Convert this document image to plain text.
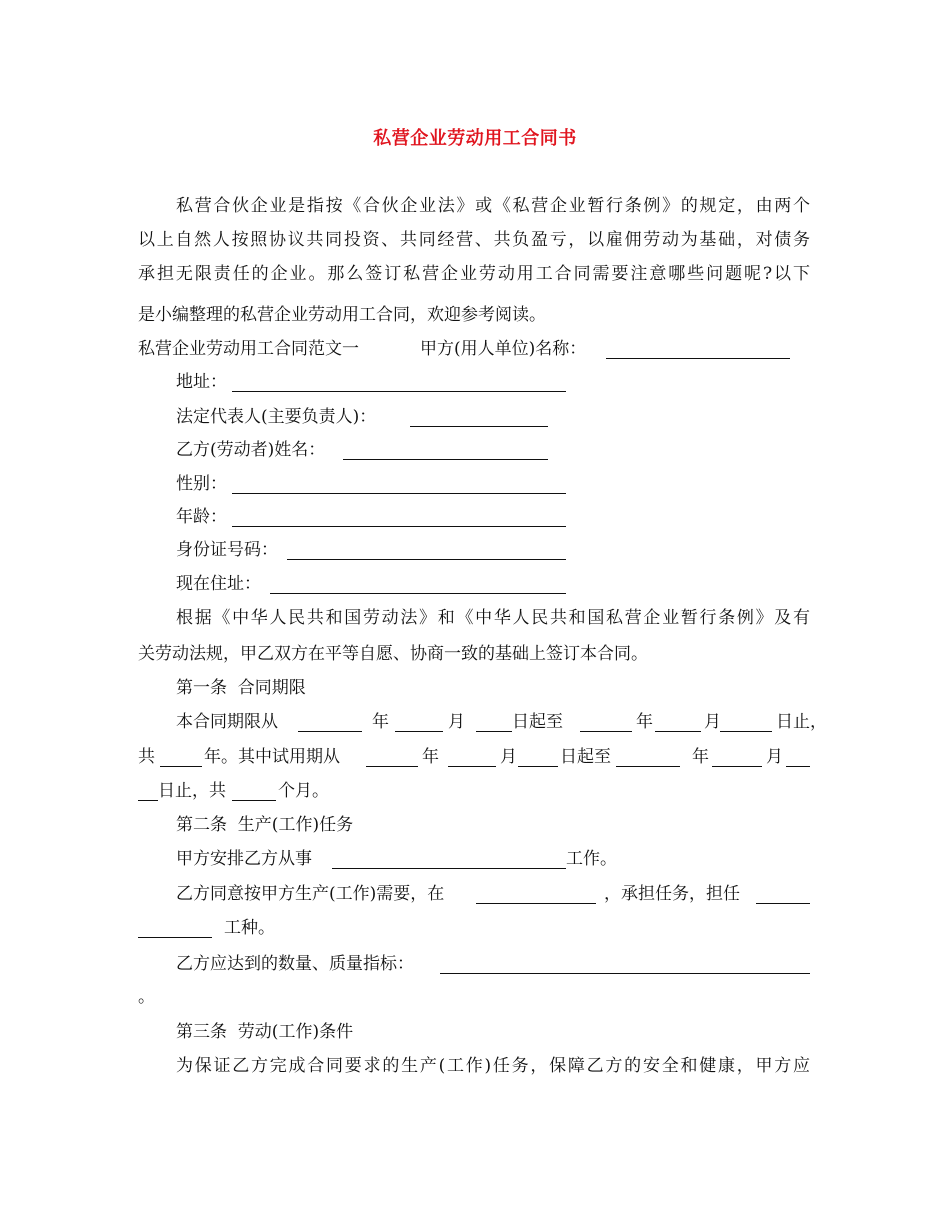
私营企业劳动用工合同书
私营合伙企业是指按《合伙企业法》或《私营企业暂行条例》的规定，由两个
以上自然人按照协议共同投资、共同经营、共负盈亏，以雇佣劳动为基础，对债务
承担无限责任的企业。那么签订私营企业劳动用工合同需要注意哪些问题呢?以下
是小编整理的私营企业劳动用工合同，欢迎参考阅读。
私营企业劳动用工合同范文一	甲方(用人单位)名称：
地址：
法定代表人(主要负责人)：
乙方(劳动者)姓名：
性别：
年龄：
身份证号码：
现在住址：
根据《中华人民共和国劳动法》和《中华人民共和国私营企业暂行条例》及有
关劳动法规，甲乙双方在平等自愿、协商一致的基础上签订本合同。
第一条  合同期限
本合同期限从	年	月	日起至	年	月	日止，
共	年。其中试用期从	年	月	日起至	年	月
日止，共	个月。
第二条  生产(工作)任务
甲方安排乙方从事	工作。
乙方同意按甲方生产(工作)需要，在	，承担任务，担任
工种。
乙方应达到的数量、质量指标：
。
第三条  劳动(工作)条件
为保证乙方完成合同要求的生产(工作)任务，保障乙方的安全和健康，甲方应
